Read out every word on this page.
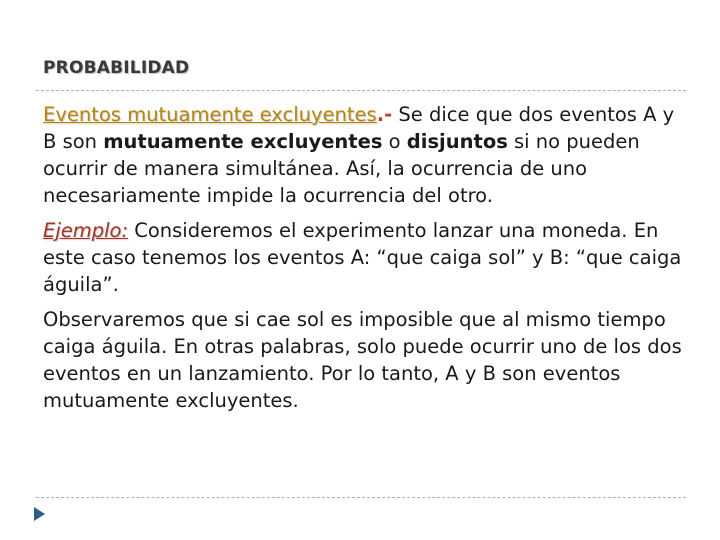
PROBABILIDAD

Eventos mutuamente excluyentes.- Se dice que dos eventos A y B son mutuamente excluyentes o disjuntos si no pueden ocurrir de manera simultánea. Así, la ocurrencia de uno necesariamente impide la ocurrencia del otro.

Ejemplo: Consideremos el experimento lanzar una moneda. En este caso tenemos los eventos A: “que caiga sol” y B: “que caiga águila”.

Observaremos que si cae sol es imposible que al mismo tiempo caiga águila. En otras palabras, solo puede ocurrir uno de los dos eventos en un lanzamiento. Por lo tanto, A y B son eventos mutuamente excluyentes.
